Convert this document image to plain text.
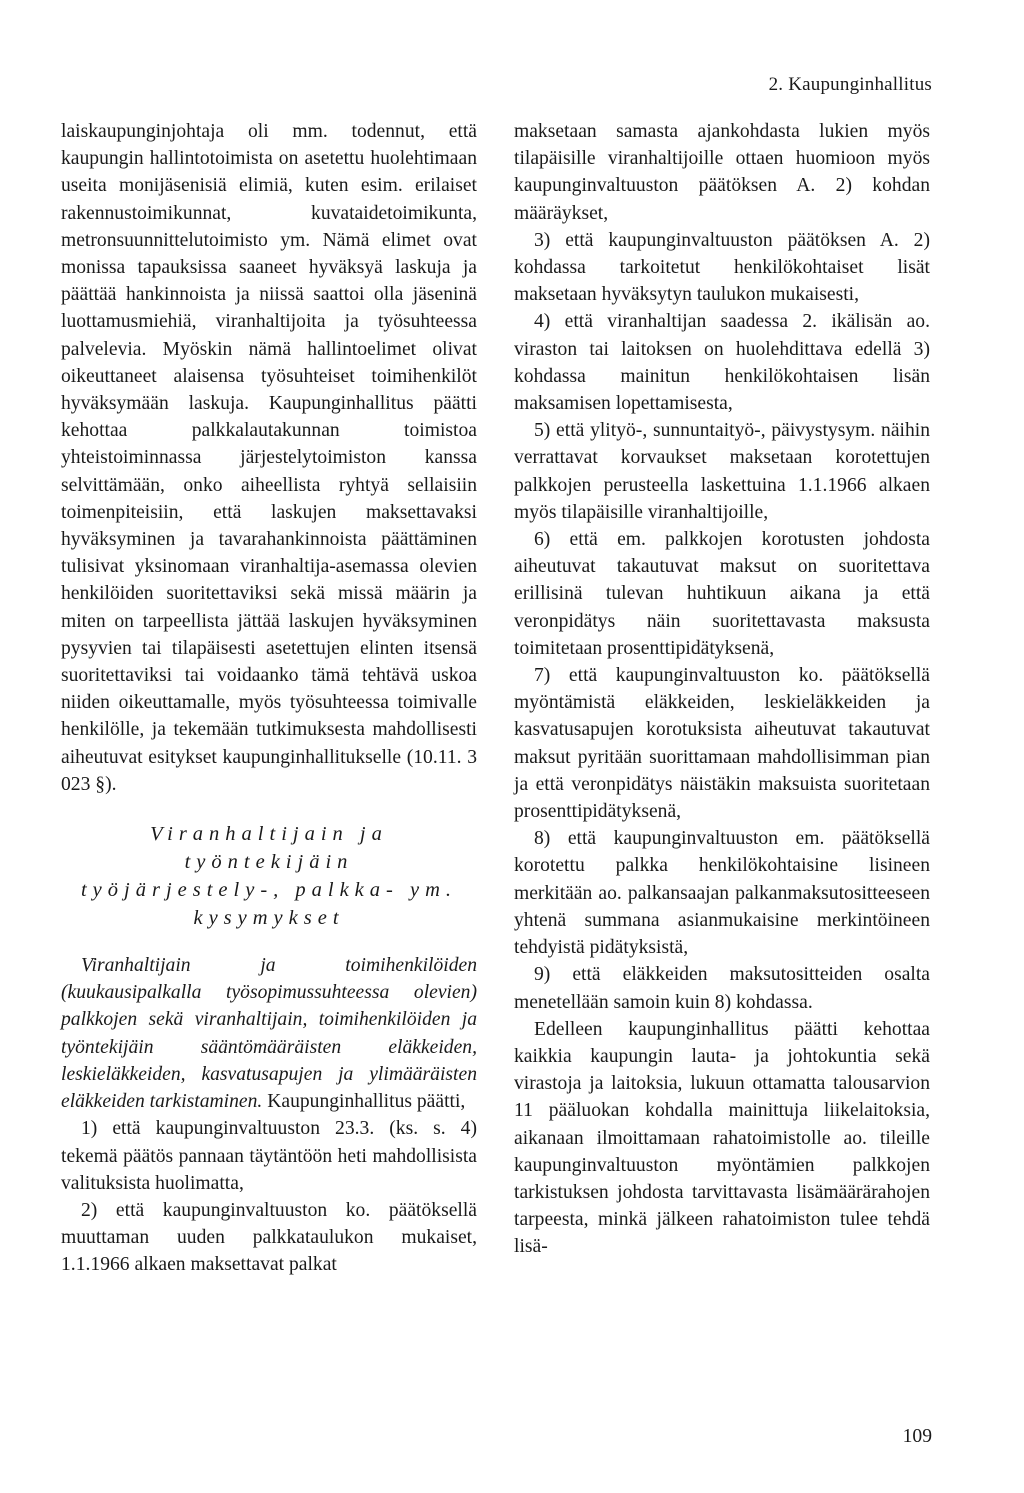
2. Kaupunginhallitus

laiskaupunginjohtaja oli mm. todennut, että kaupungin hallintotoimista on asetettu huolehtimaan useita monijäsenisiä elimiä, kuten esim. erilaiset rakennustoimikunnat, kuvataidetoimikunta, metronsuunnittelutoimisto ym. Nämä elimet ovat monissa tapauksissa saaneet hyväksyä laskuja ja päättää hankinnoista ja niissä saattoi olla jäseninä luottamusmiehiä, viranhaltijoita ja työsuhteessa palvelevia. Myöskin nämä hallintoelimet olivat oikeuttaneet alaisensa työsuhteiset toimihenkilöt hyväksymään laskuja. Kaupunginhallitus päätti kehottaa palkkalautakunnan toimistoa yhteistoiminnassa järjestelytoimiston kanssa selvittämään, onko aiheellista ryhtyä sellaisiin toimenpiteisiin, että laskujen maksettavaksi hyväksyminen ja tavarahankinnoista päättäminen tulisivat yksinomaan viranhaltija-asemassa olevien henkilöiden suoritettaviksi sekä missä määrin ja miten on tarpeellista jättää laskujen hyväksyminen pysyvien tai tilapäisesti asetettujen elinten itsensä suoritettaviksi tai voidaanko tämä tehtävä uskoa niiden oikeuttamalle, myös työsuhteessa toimivalle henkilölle, ja tekemään tutkimuksesta mahdollisesti aiheutuvat esitykset kaupunginhallitukselle (10.11. 3 023 §).

Viranhaltijain ja työntekijäin
työjärjestely-, palkka- ym.
kysymykset

Viranhaltijain ja toimihenkilöiden (kuukausipalkalla työsopimussuhteessa olevien) palkkojen sekä viranhaltijain, toimihenkilöiden ja työntekijäin sääntömääräisten eläkkeiden, leskieläkkeiden, kasvatusapujen ja ylimääräisten eläkkeiden tarkistaminen. Kaupunginhallitus päätti,

1) että kaupunginvaltuuston 23.3. (ks. s. 4) tekemä päätös pannaan täytäntöön heti mahdollisista valituksista huolimatta,

2) että kaupunginvaltuuston ko. päätöksellä muuttaman uuden palkkataulukon mukaiset, 1.1.1966 alkaen maksettavat palkat

maksetaan samasta ajankohdasta lukien myös tilapäisille viranhaltijoille ottaen huomioon myös kaupunginvaltuuston päätöksen A. 2) kohdan määräykset,

3) että kaupunginvaltuuston päätöksen A. 2) kohdassa tarkoitetut henkilökohtaiset lisät maksetaan hyväksytyn taulukon mukaisesti,

4) että viranhaltijan saadessa 2. ikälisän ao. viraston tai laitoksen on huolehdittava edellä 3) kohdassa mainitun henkilökohtaisen lisän maksamisen lopettamisesta,

5) että ylityö-, sunnuntaityö-, päivystysym. näihin verrattavat korvaukset maksetaan korotettujen palkkojen perusteella laskettuina 1.1.1966 alkaen myös tilapäisille viranhaltijoille,

6) että em. palkkojen korotusten johdosta aiheutuvat takautuvat maksut on suoritettava erillisinä tulevan huhtikuun aikana ja että veronpidätys näin suoritettavasta maksusta toimitetaan prosenttipidätyksenä,

7) että kaupunginvaltuuston ko. päätöksellä myöntämistä eläkkeiden, leskieläkkeiden ja kasvatusapujen korotuksista aiheutuvat takautuvat maksut pyritään suorittamaan mahdollisimman pian ja että veronpidätys näistäkin maksuista suoritetaan prosenttipidätyksenä,

8) että kaupunginvaltuuston em. päätöksellä korotettu palkka henkilökohtaisine lisineen merkitään ao. palkansaajan palkanmaksutositteeseen yhtenä summana asianmukaisine merkintöineen tehdyistä pidätyksistä,

9) että eläkkeiden maksutositteiden osalta menetellään samoin kuin 8) kohdassa.

Edelleen kaupunginhallitus päätti kehottaa kaikkia kaupungin lauta- ja johtokuntia sekä virastoja ja laitoksia, lukuun ottamatta talousarvion 11 pääluokan kohdalla mainittuja liikelaitoksia, aikanaan ilmoittamaan rahatoimistolle ao. tileille kaupunginvaltuuston myöntämien palkkojen tarkistuksen johdosta tarvittavasta lisämäärärahojen tarpeesta, minkä jälkeen rahatoimiston tulee tehdä lisä-

109
